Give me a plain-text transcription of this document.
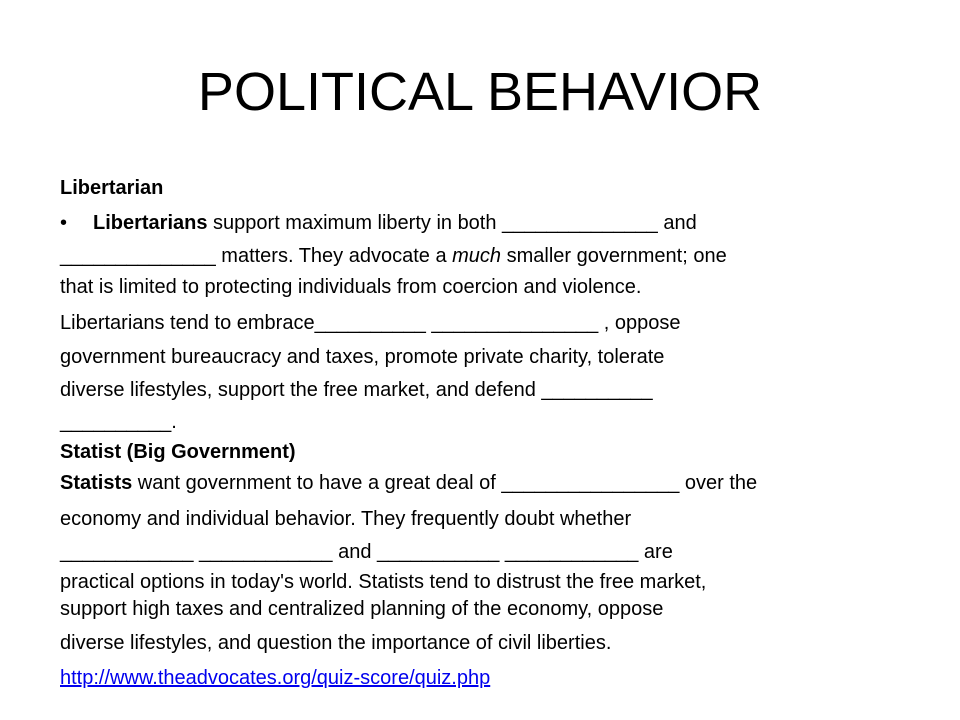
POLITICAL BEHAVIOR
Libertarian
• Libertarians support maximum liberty in both ______________ and
______________ matters. They advocate a much smaller government; one
that is limited to protecting individuals from coercion and violence.
Libertarians tend to embrace__________ _______________ , oppose
government bureaucracy and taxes, promote private charity, tolerate
diverse lifestyles, support the free market, and defend __________
__________.
Statist (Big Government)
Statists want government to have a great deal of ________________ over the
economy and individual behavior. They frequently doubt whether
____________ ____________ and ___________ ____________ are
practical options in today's world. Statists tend to distrust the free market,
support high taxes and centralized planning of the economy, oppose
diverse lifestyles, and question the importance of civil liberties.
http://www.theadvocates.org/quiz-score/quiz.php
